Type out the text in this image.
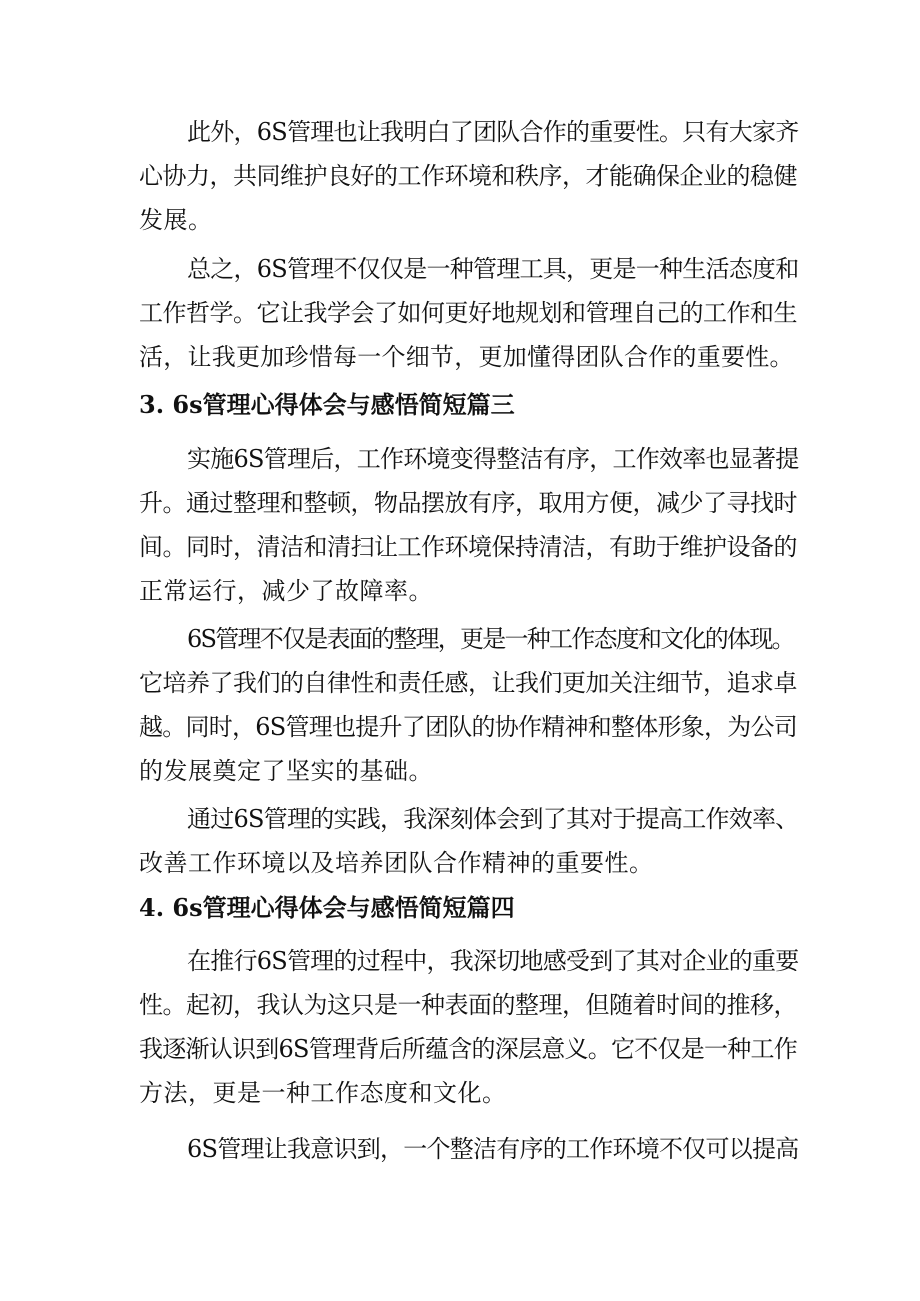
此外，6S管理也让我明白了团队合作的重要性。只有大家齐

心协力，共同维护良好的工作环境和秩序，才能确保企业的稳健

发展。

总之，6S管理不仅仅是一种管理工具，更是一种生活态度和

工作哲学。它让我学会了如何更好地规划和管理自己的工作和生

活，让我更加珍惜每一个细节，更加懂得团队合作的重要性。

3. 6s管理心得体会与感悟简短篇三

实施6S管理后，工作环境变得整洁有序，工作效率也显著提

升。通过整理和整顿，物品摆放有序，取用方便，减少了寻找时

间。同时，清洁和清扫让工作环境保持清洁，有助于维护设备的

正常运行，减少了故障率。

6S管理不仅是表面的整理，更是一种工作态度和文化的体现。

它培养了我们的自律性和责任感，让我们更加关注细节，追求卓

越。同时，6S管理也提升了团队的协作精神和整体形象，为公司

的发展奠定了坚实的基础。

通过6S管理的实践，我深刻体会到了其对于提高工作效率、

改善工作环境以及培养团队合作精神的重要性。

4. 6s管理心得体会与感悟简短篇四

在推行6S管理的过程中，我深切地感受到了其对企业的重要

性。起初，我认为这只是一种表面的整理，但随着时间的推移，

我逐渐认识到6S管理背后所蕴含的深层意义。它不仅是一种工作

方法，更是一种工作态度和文化。

6S管理让我意识到，一个整洁有序的工作环境不仅可以提高
